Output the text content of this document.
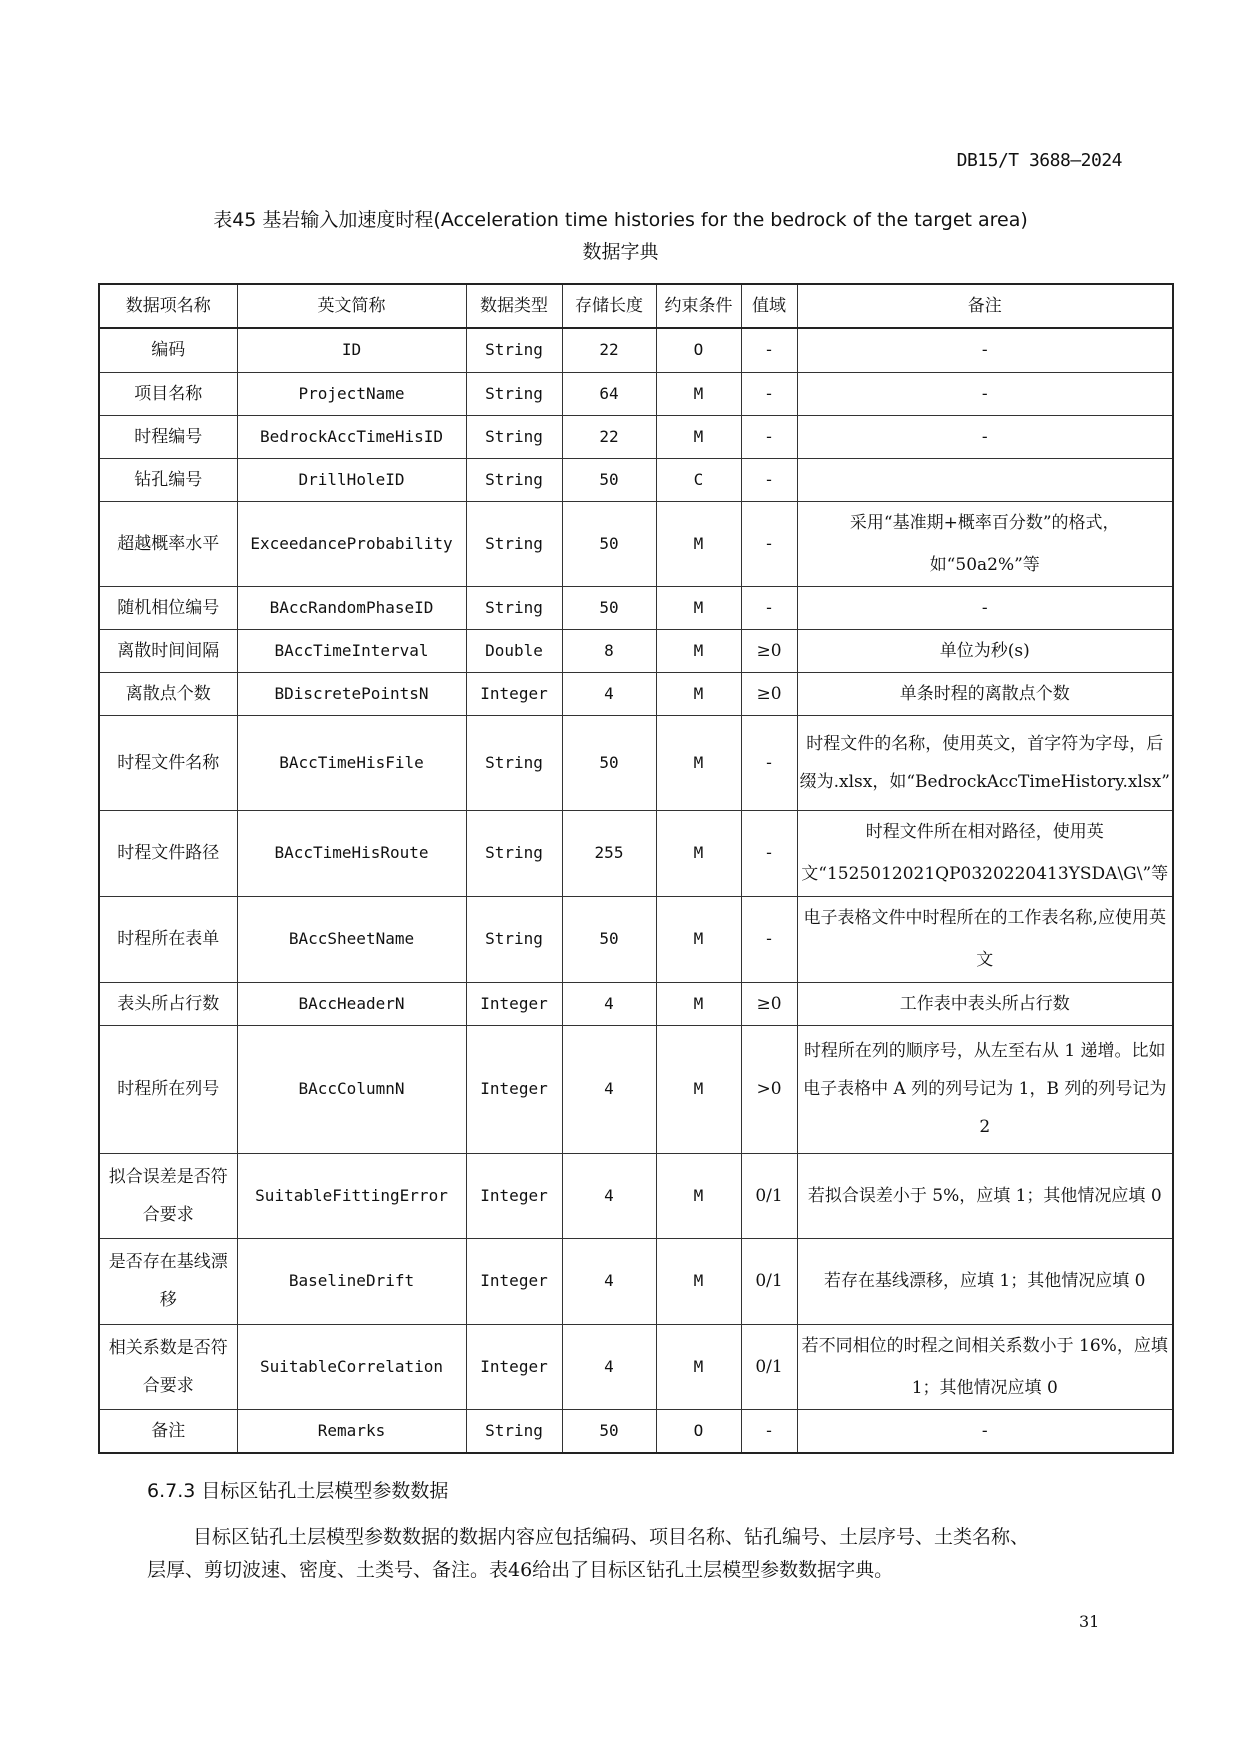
DB15/T 3688—2024
表45 基岩输入加速度时程(Acceleration time histories for the bedrock of the target area)
数据字典
数据项名称	英文简称	数据类型	存储长度	约束条件	值域	备注
编码	ID	String	22	O	-	-
项目名称	ProjectName	String	64	M	-	-
时程编号	BedrockAccTimeHisID	String	22	M	-	-
钻孔编号	DrillHoleID	String	50	C	-	
超越概率水平	ExceedanceProbability	String	50	M	-	采用“基准期+概率百分数”的格式，如“50a2%”等
随机相位编号	BAccRandomPhaseID	String	50	M	-	-
离散时间间隔	BAccTimeInterval	Double	8	M	≥0	单位为秒(s)
离散点个数	BDiscretePointsN	Integer	4	M	≥0	单条时程的离散点个数
时程文件名称	BAccTimeHisFile	String	50	M	-	时程文件的名称，使用英文，首字符为字母，后缀为.xlsx，如“BedrockAccTimeHistory.xlsx”
时程文件路径	BAccTimeHisRoute	String	255	M	-	时程文件所在相对路径，使用英文“1525012021QP0320220413YSDA\G\”等
时程所在表单	BAccSheetName	String	50	M	-	电子表格文件中时程所在的工作表名称,应使用英文
表头所占行数	BAccHeaderN	Integer	4	M	≥0	工作表中表头所占行数
时程所在列号	BAccColumnN	Integer	4	M	>0	时程所在列的顺序号，从左至右从 1 递增。比如电子表格中 A 列的列号记为 1，B 列的列号记为 2
拟合误差是否符合要求	SuitableFittingError	Integer	4	M	0/1	若拟合误差小于 5%，应填 1；其他情况应填 0
是否存在基线漂移	BaselineDrift	Integer	4	M	0/1	若存在基线漂移，应填 1；其他情况应填 0
相关系数是否符合要求	SuitableCorrelation	Integer	4	M	0/1	若不同相位的时程之间相关系数小于 16%，应填 1；其他情况应填 0
备注	Remarks	String	50	O	-	-
6.7.3 目标区钻孔土层模型参数数据
目标区钻孔土层模型参数数据的数据内容应包括编码、项目名称、钻孔编号、土层序号、土类名称、
层厚、剪切波速、密度、土类号、备注。表46给出了目标区钻孔土层模型参数数据字典。
31
